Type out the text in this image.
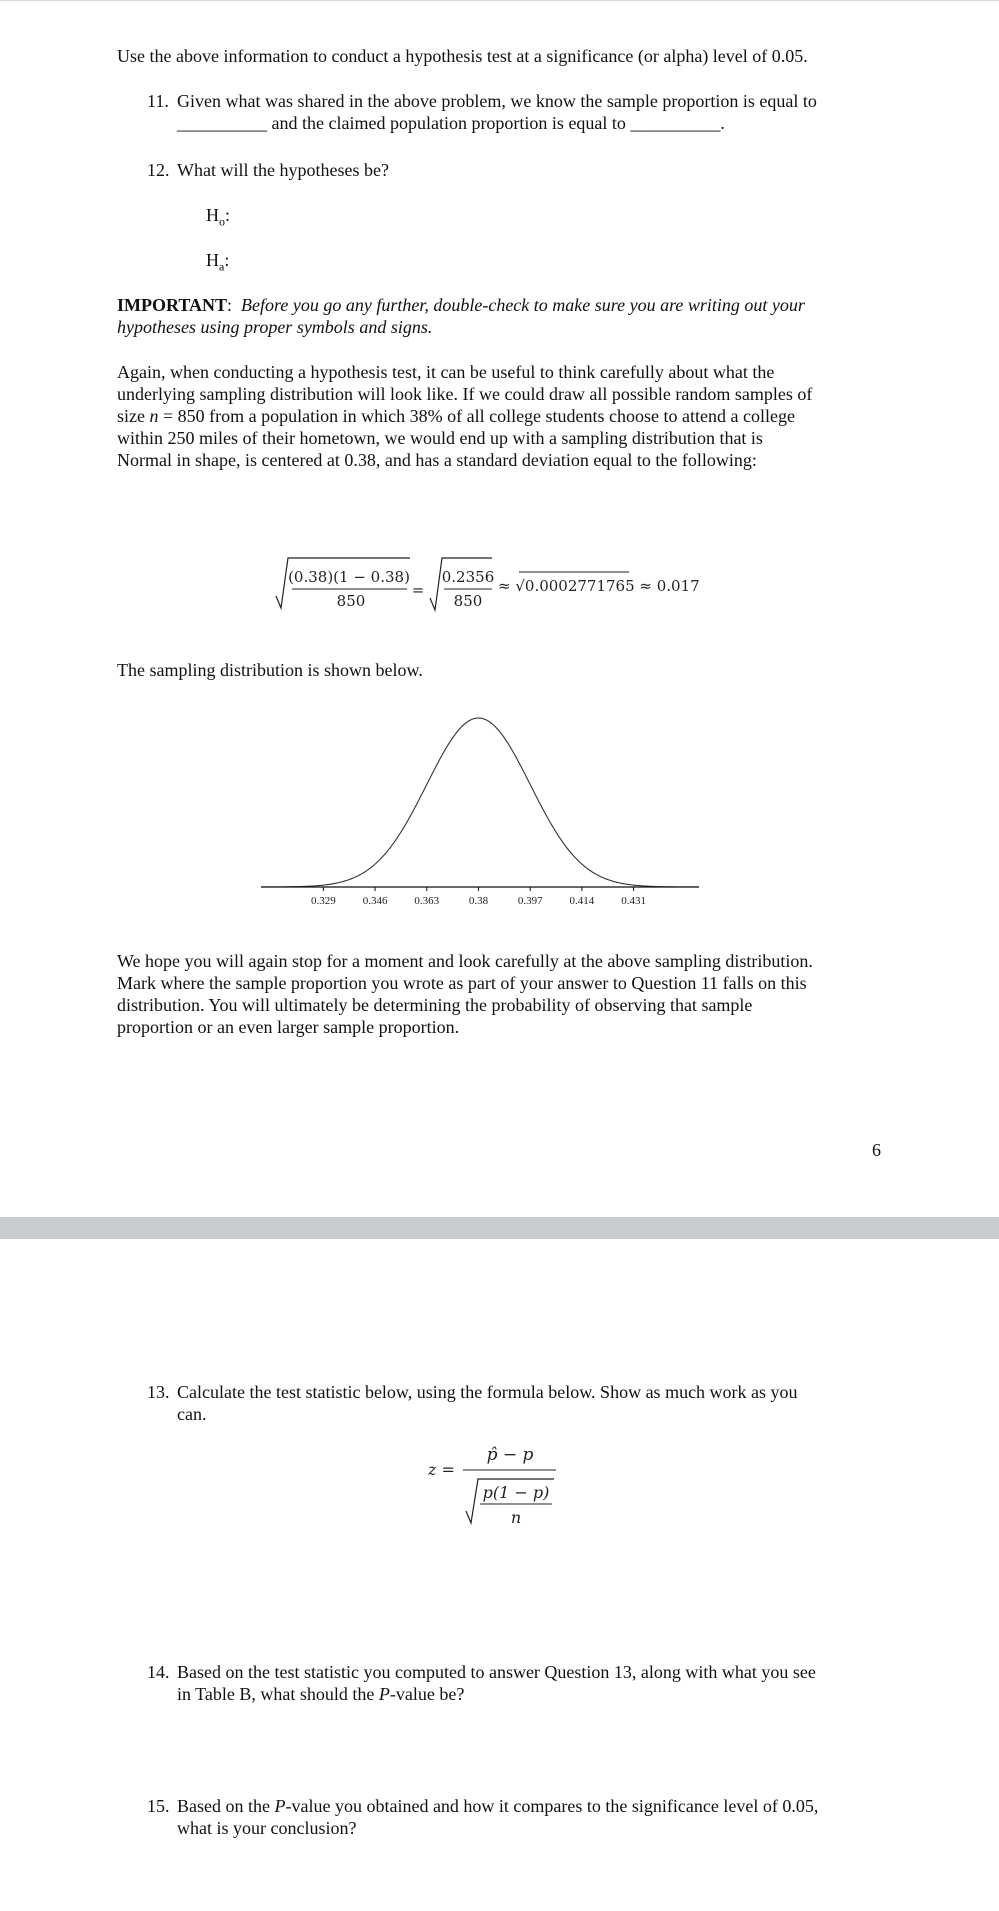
Use the above information to conduct a hypothesis test at a significance (or alpha) level of 0.05.
11. Given what was shared in the above problem, we know the sample proportion is equal to
__________ and the claimed population proportion is equal to __________.
12. What will the hypotheses be?
$H_o$:
$H_a$:
IMPORTANT: Before you go any further, double-check to make sure you are writing out your
hypotheses using proper symbols and signs.
Again, when conducting a hypothesis test, it can be useful to think carefully about what the
underlying sampling distribution will look like. If we could draw all possible random samples of
size n = 850 from a population in which 38% of all college students choose to attend a college
within 250 miles of their hometown, we would end up with a sampling distribution that is
Normal in shape, is centered at 0.38, and has a standard deviation equal to the following:
(0.38)(1 − 0.38)
850
=
0.2356
850
≈ √0.0002771765 ≈ 0.017
The sampling distribution is shown below.
0.329 0.346 0.363	0.38	0.397 0.414 0.431
We hope you will again stop for a moment and look carefully at the above sampling distribution.
Mark where the sample proportion you wrote as part of your answer to Question 11 falls on this
distribution. You will ultimately be determining the probability of observing that sample
proportion or an even larger sample proportion.
6
13. Calculate the test statistic below, using the formula below. Show as much work as you
can.
z =
p̂ − p
p(1 − p)
n
14. Based on the test statistic you computed to answer Question 13, along with what you see
in Table B, what should the P-value be?
15. Based on the P-value you obtained and how it compares to the significance level of 0.05,
what is your conclusion?
